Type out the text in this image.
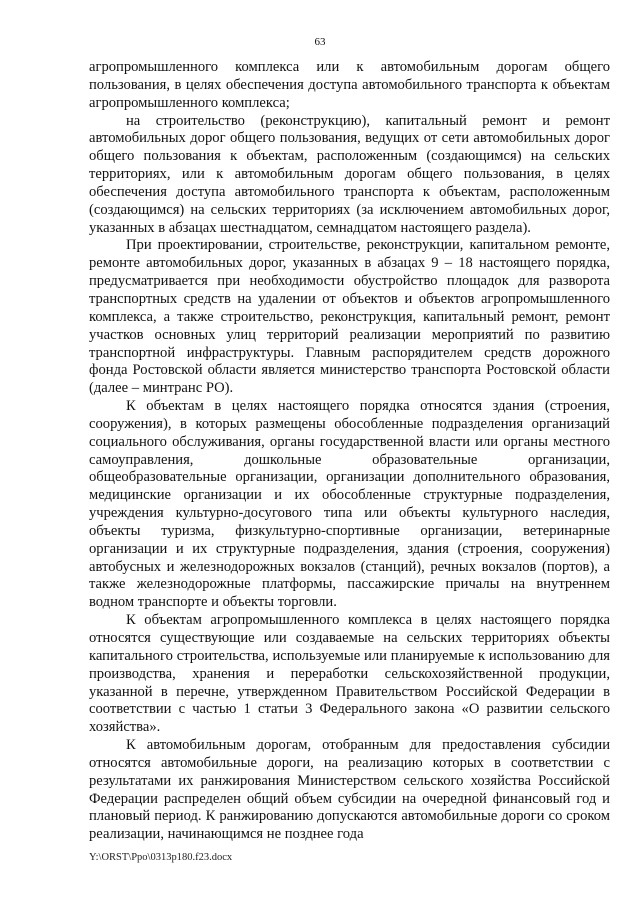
63

агропромышленного комплекса или к автомобильным дорогам общего пользования, в целях обеспечения доступа автомобильного транспорта к объектам агропромышленного комплекса;

на строительство (реконструкцию), капитальный ремонт и ремонт автомобильных дорог общего пользования, ведущих от сети автомобильных дорог общего пользования к объектам, расположенным (создающимся) на сельских территориях, или к автомобильным дорогам общего пользования, в целях обеспечения доступа автомобильного транспорта к объектам, расположенным (создающимся) на сельских территориях (за исключением автомобильных дорог, указанных в абзацах шестнадцатом, семнадцатом настоящего раздела).

При проектировании, строительстве, реконструкции, капитальном ремонте, ремонте автомобильных дорог, указанных в абзацах 9 – 18 настоящего порядка, предусматривается при необходимости обустройство площадок для разворота транспортных средств на удалении от объектов и объектов агропромышленного комплекса, а также строительство, реконструкция, капитальный ремонт, ремонт участков основных улиц территорий реализации мероприятий по развитию транспортной инфраструктуры. Главным распорядителем средств дорожного фонда Ростовской области является министерство транспорта Ростовской области (далее – минтранс РО).

К объектам в целях настоящего порядка относятся здания (строения, сооружения), в которых размещены обособленные подразделения организаций социального обслуживания, органы государственной власти или органы местного самоуправления, дошкольные образовательные организации, общеобразовательные организации, организации дополнительного образования, медицинские организации и их обособленные структурные подразделения, учреждения культурно-досугового типа или объекты культурного наследия, объекты туризма, физкультурно-спортивные организации, ветеринарные организации и их структурные подразделения, здания (строения, сооружения) автобусных и железнодорожных вокзалов (станций), речных вокзалов (портов), а также железнодорожные платформы, пассажирские причалы на внутреннем водном транспорте и объекты торговли.

К объектам агропромышленного комплекса в целях настоящего порядка относятся существующие или создаваемые на сельских территориях объекты капитального строительства, используемые или планируемые к использованию для производства, хранения и переработки сельскохозяйственной продукции, указанной в перечне, утвержденном Правительством Российской Федерации в соответствии с частью 1 статьи 3 Федерального закона «О развитии сельского хозяйства».

К автомобильным дорогам, отобранным для предоставления субсидии относятся автомобильные дороги, на реализацию которых в соответствии с результатами их ранжирования Министерством сельского хозяйства Российской Федерации распределен общий объем субсидии на очередной финансовый год и плановый период. К ранжированию допускаются автомобильные дороги со сроком реализации, начинающимся не позднее года

Y:\ORST\Ppo\0313p180.f23.docx
